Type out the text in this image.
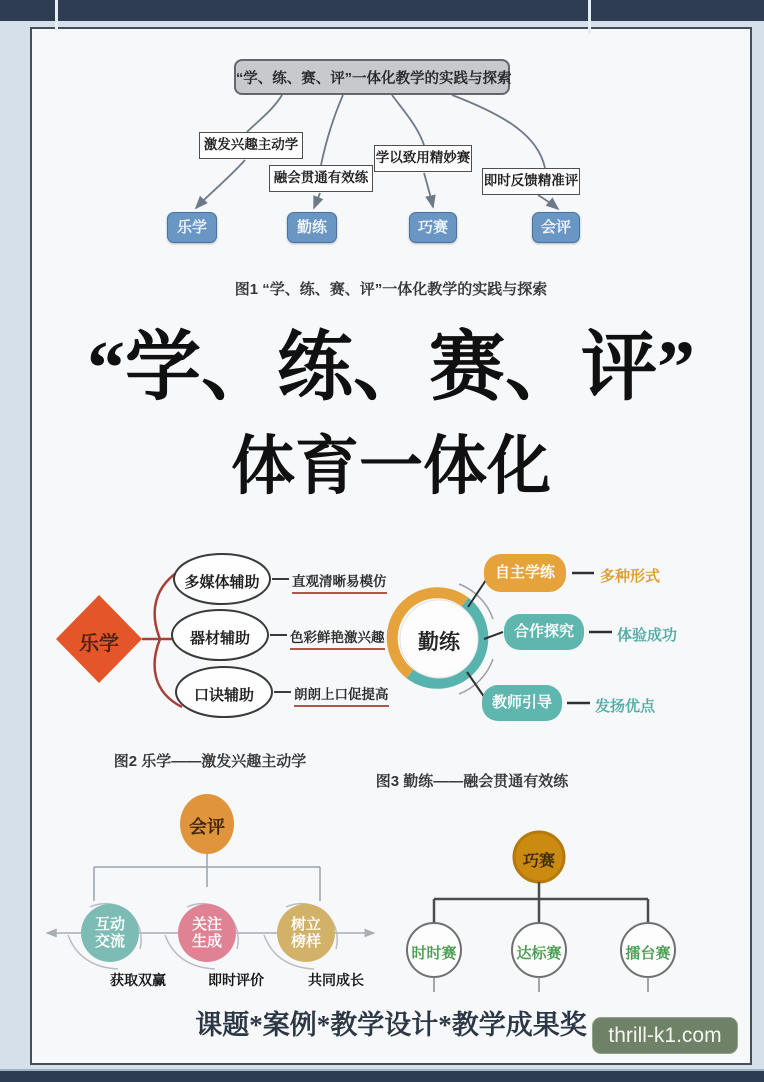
“学、练、赛、评”一体化教学的实践与探索
激发兴趣主动学
融会贯通有效练
学以致用精妙赛
即时反馈精准评
乐学	勤练	巧赛	会评
图1 “学、练、赛、评”一体化教学的实践与探索
“学、练、赛、评”
体育一体化
乐学
多媒体辅助
器材辅助
口诀辅助
直观清晰易模仿
色彩鲜艳激兴趣
朗朗上口促提高
图2 乐学——激发兴趣主动学
勤练
自主学练
合作探究
教师引导
多种形式
体验成功
发扬优点
图3 勤练——融会贯通有效练
会评
互动
交流
关注
生成
树立
榜样
获取双赢	即时评价	共同成长
巧赛
时时赛	达标赛	擂台赛
课题*案例*教学设计*教学成果奖	thrill-k1.com
